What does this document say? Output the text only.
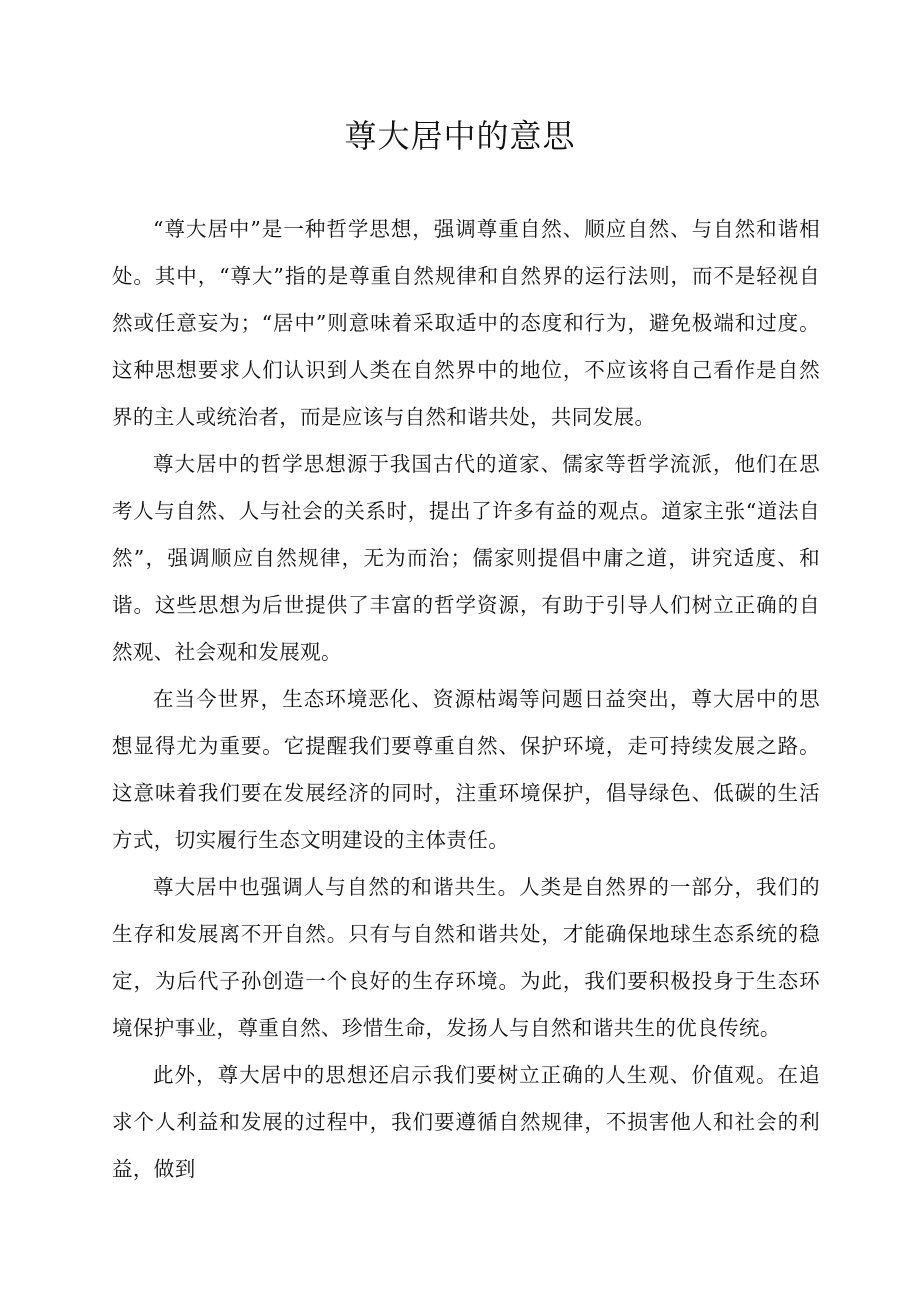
尊大居中的意思

“尊大居中”是一种哲学思想，强调尊重自然、顺应自然、与自然和谐相处。其中，“尊大”指的是尊重自然规律和自然界的运行法则，而不是轻视自然或任意妄为；“居中”则意味着采取适中的态度和行为，避免极端和过度。这种思想要求人们认识到人类在自然界中的地位，不应该将自己看作是自然界的主人或统治者，而是应该与自然和谐共处，共同发展。

尊大居中的哲学思想源于我国古代的道家、儒家等哲学流派，他们在思考人与自然、人与社会的关系时，提出了许多有益的观点。道家主张“道法自然”，强调顺应自然规律，无为而治；儒家则提倡中庸之道，讲究适度、和谐。这些思想为后世提供了丰富的哲学资源，有助于引导人们树立正确的自然观、社会观和发展观。

在当今世界，生态环境恶化、资源枯竭等问题日益突出，尊大居中的思想显得尤为重要。它提醒我们要尊重自然、保护环境，走可持续发展之路。这意味着我们要在发展经济的同时，注重环境保护，倡导绿色、低碳的生活方式，切实履行生态文明建设的主体责任。

尊大居中也强调人与自然的和谐共生。人类是自然界的一部分，我们的生存和发展离不开自然。只有与自然和谐共处，才能确保地球生态系统的稳定，为后代子孙创造一个良好的生存环境。为此，我们要积极投身于生态环境保护事业，尊重自然、珍惜生命，发扬人与自然和谐共生的优良传统。

此外，尊大居中的思想还启示我们要树立正确的人生观、价值观。在追求个人利益和发展的过程中，我们要遵循自然规律，不损害他人和社会的利益，做到
